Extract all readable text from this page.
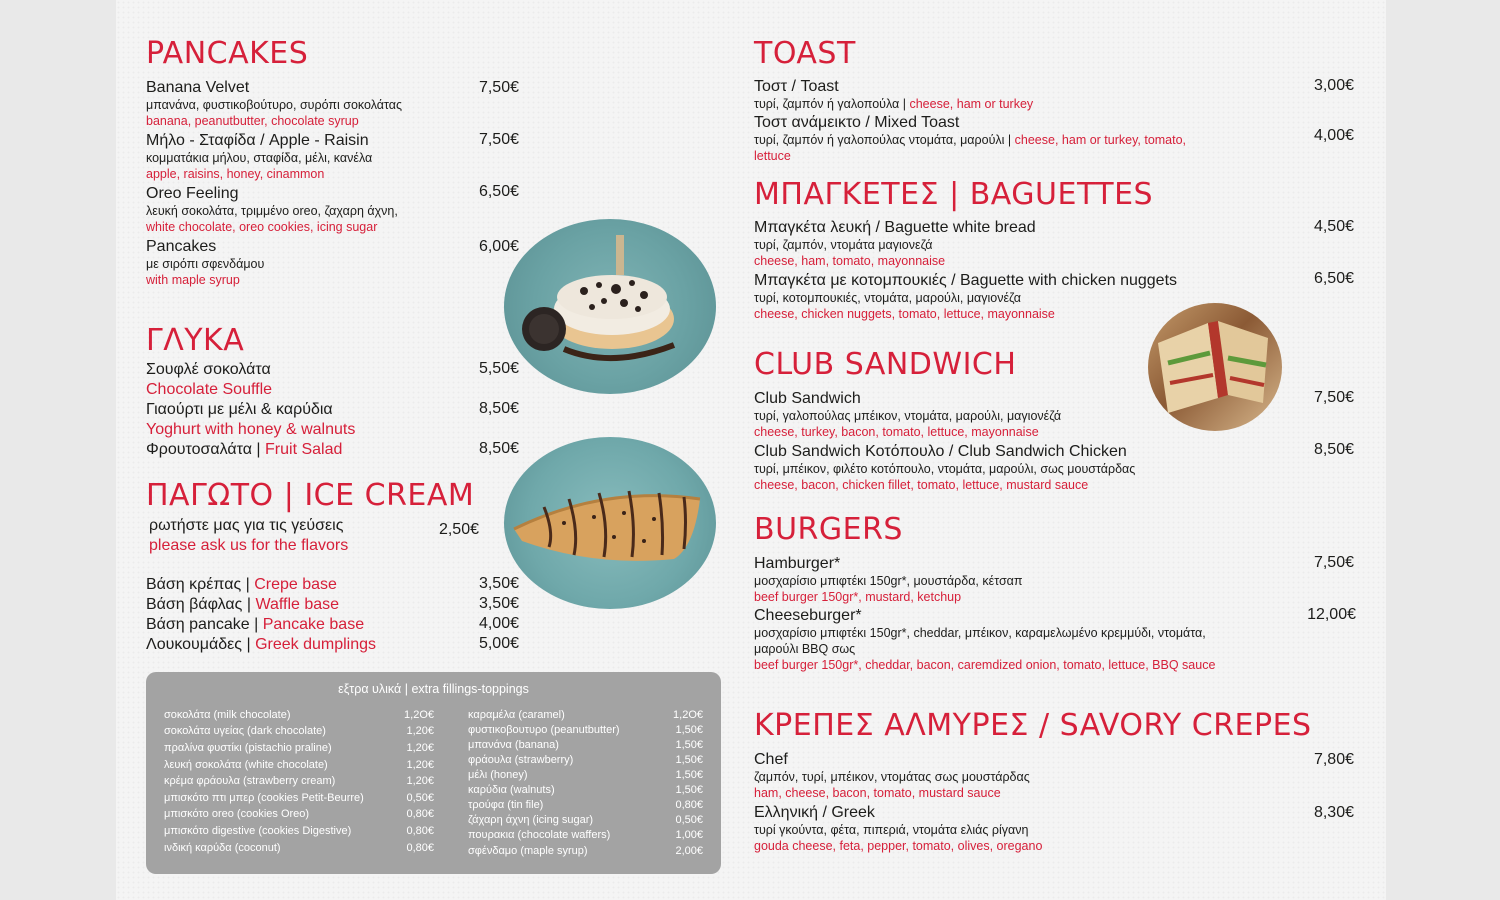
PANCAKES
Banana Velvet
μπανάνα, φυστικοβούτυρο, συρόπι σοκολάτας
banana, peanutbutter, chocolate syrup
7,50€
Μήλο - Σταφίδα / Apple - Raisin
κομματάκια μήλου, σταφίδα, μέλι, κανέλα
apple, raisins, honey, cinammon
7,50€
Oreo Feeling
λευκή σοκολάτα, τριμμένο oreo, ζαχαρη άχνη,
white chocolate, oreo cookies, icing sugar
6,50€
Pancakes
με σιρόπι σφενδάμου
with maple syrup
6,00€
ΓΛΥΚΑ
Σουφλέ σοκολάτα
Chocolate Souffle
5,50€
Γιαούρτι με μέλι & καρύδια
Yoghurt with honey & walnuts
8,50€
Φρουτοσαλάτα | Fruit Salad	8,50€
ΠΑΓΩΤΟ | ICE CREAM
ρωτήστε μας για τις γεύσεις
please ask us for the flavors
2,50€
Βάση κρέπας | Crepe base	3,50€
Βάση βάφλας | Waffle base	3,50€
Βάση pancake | Pancake base	4,00€
Λουκουμάδες | Greek dumplings	5,00€
εξτρα υλικά | extra fillings-toppings
σοκολάτα (milk chocolate)	1,2Ο€
σοκολάτα υγείας (dark chocolate)	1,20€
πραλίνα φυστίκι (pistachio praline)	1,20€
λευκή σοκολάτα (white chocolate)	1,20€
κρέμα φράουλα (strawberry cream)	1,20€
μπισκότο πτι μπερ (cookies Petit-Beurre)	0,50€
μπισκότο oreo (cookies Oreo)	0,80€
μπισκότο digestive (cookies Digestive)	0,80€
ινδική καρύδα (coconut)	0,80€
καραμέλα (caramel)	1,2Ο€
φυστικοβουτυρο (peanutbutter)	1,50€
μπανάνα (banana)	1,50€
φράουλα (strawberry)	1,50€
μέλι (honey)	1,50€
καρύδια (walnuts)	1,50€
τρούφα (tin file)	0,80€
ζάχαρη άχνη (icing sugar)	0,50€
πουρακια (chocolate waffers)	1,00€
σφένδαμο (maple syrup)	2,00€
TOAST
Τοστ / Toast
τυρί, ζαμπόν ή γαλοπούλα | cheese, ham or turkey
3,00€
Τοστ ανάμεικτο / Mixed Toast
τυρί, ζαμπόν ή γαλοπούλας ντομάτα, μαρούλι | cheese, ham or turkey, tomato,
lettuce
4,00€
ΜΠΑΓΚΕΤΕΣ | BAGUETTES
Μπαγκέτα λευκή / Baguette white bread
τυρί, ζαμπόν, ντομάτα μαγιονεζά
cheese, ham, tomato, mayonnaise
4,50€
Μπαγκέτα με κοτομπουκιές / Baguette with chicken nuggets
τυρί, κοτομπουκιές, ντομάτα, μαρούλι, μαγιονέζα
cheese, chicken nuggets, tomato, lettuce, mayonnaise
6,50€
CLUB SANDWICH
Club Sandwich
τυρί, γαλοπούλας μπέικον, ντομάτα, μαρούλι, μαγιονέζά
cheese, turkey, bacon, tomato, lettuce, mayonnaise
7,50€
Club Sandwich Κοτόπουλο / Club Sandwich Chicken
τυρί, μπέικον, φιλέτο κοτόπουλο, ντομάτα, μαρούλι, σως μουστάρδας
cheese, bacon, chicken fillet, tomato, lettuce, mustard sauce
8,50€
BURGERS
Hamburger*
μοσχαρίσιο μπιφτέκι 150gr*, μουστάρδα, κέτσαπ
beef burger 150gr*, mustard, ketchup
7,50€
Cheeseburger*
μοσχαρίσιο μπιφτέκι 150gr*, cheddar, μπέικον, καραμελωμένο κρεμμύδι, ντομάτα,
μαρούλι BBQ σως
beef burger 150gr*, cheddar, bacon, caremdized onion, tomato, lettuce, BBQ sauce
12,00€
ΚΡΕΠΕΣ ΑΛΜΥΡΕΣ / SAVORY CREPES
Chef
ζαμπόν, τυρί, μπέικον, ντομάτας σως μουστάρδας
ham, cheese, bacon, tomato, mustard sauce
7,80€
Ελληνική / Greek
τυρί γκούντα, φέτα, πιπεριά, ντομάτα ελιάς ρίγανη
gouda cheese, feta, pepper, tomato, olives, oregano
8,30€
